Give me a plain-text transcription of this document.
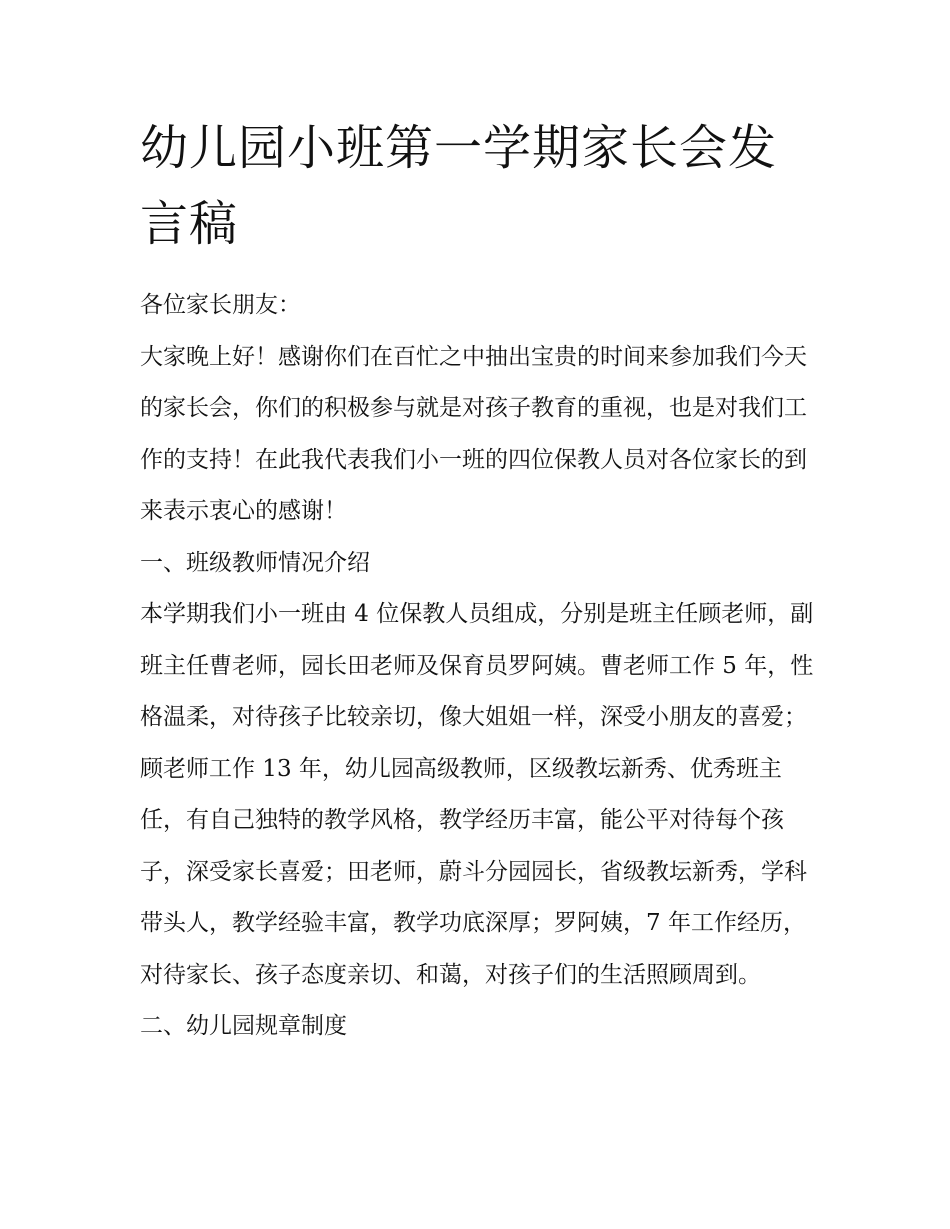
幼儿园小班第一学期家长会发言稿

各位家长朋友：

大家晚上好！感谢你们在百忙之中抽出宝贵的时间来参加我们今天的家长会，你们的积极参与就是对孩子教育的重视，也是对我们工作的支持！在此我代表我们小一班的四位保教人员对各位家长的到来表示衷心的感谢！

一、班级教师情况介绍

本学期我们小一班由 4 位保教人员组成，分别是班主任顾老师，副班主任曹老师，园长田老师及保育员罗阿姨。曹老师工作 5 年，性格温柔，对待孩子比较亲切，像大姐姐一样，深受小朋友的喜爱；顾老师工作 13 年，幼儿园高级教师，区级教坛新秀、优秀班主任，有自己独特的教学风格，教学经历丰富，能公平对待每个孩子，深受家长喜爱；田老师，蔚斗分园园长，省级教坛新秀，学科带头人，教学经验丰富，教学功底深厚；罗阿姨，7 年工作经历，对待家长、孩子态度亲切、和蔼，对孩子们的生活照顾周到。

二、幼儿园规章制度
